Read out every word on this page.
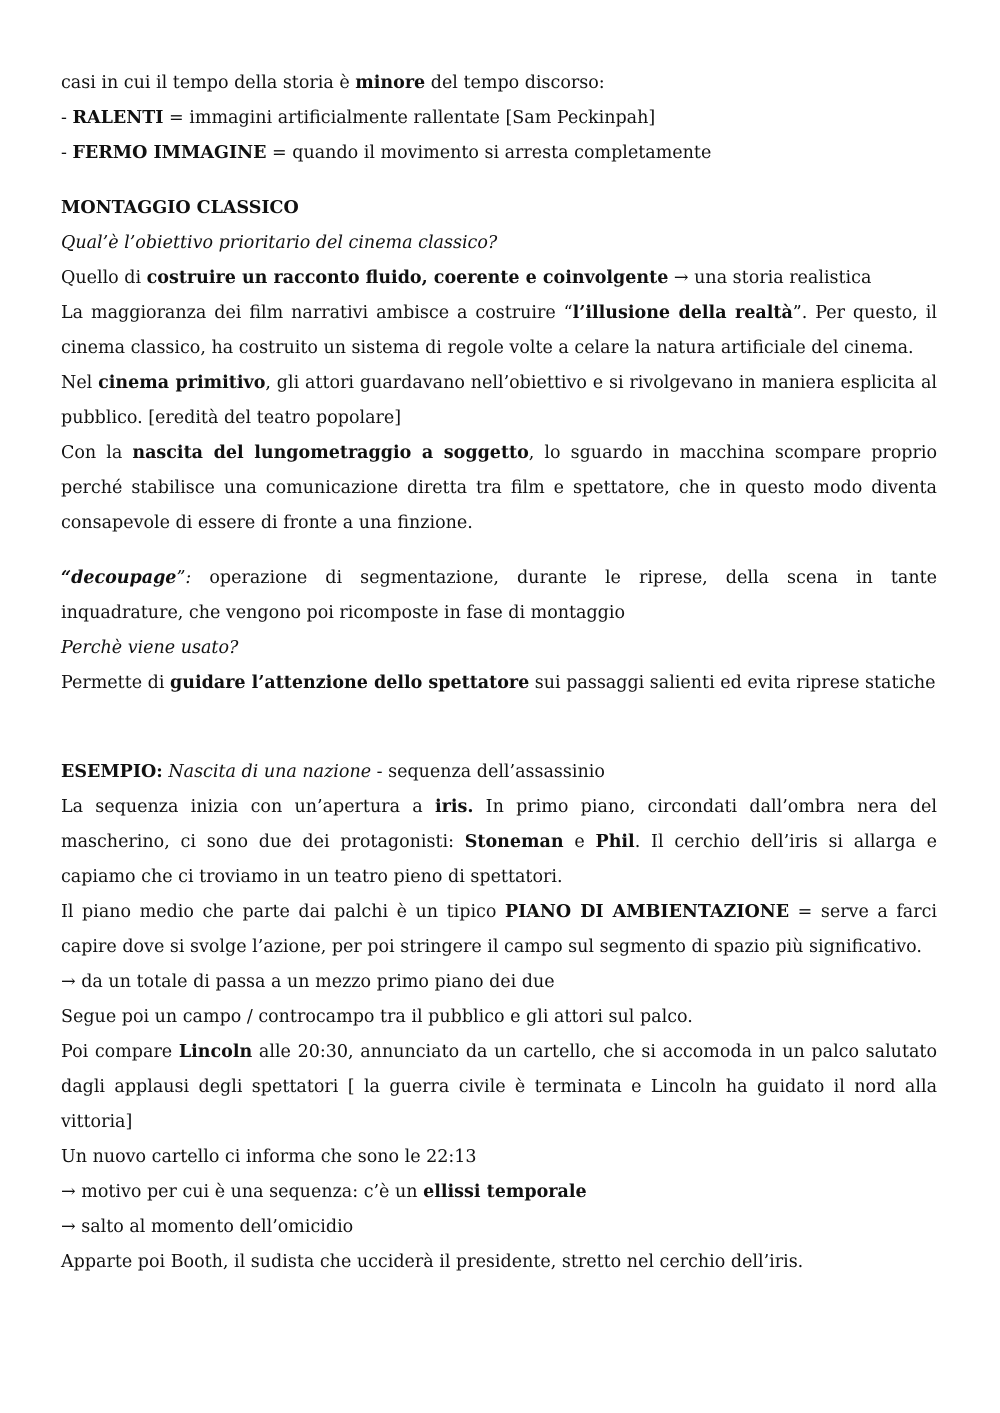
casi in cui il tempo della storia è minore del tempo discorso:
- RALENTI = immagini artificialmente rallentate [Sam Peckinpah]
- FERMO IMMAGINE = quando il movimento si arresta completamente
MONTAGGIO CLASSICO
Qual’è l’obiettivo prioritario del cinema classico?
Quello di costruire un racconto fluido, coerente e coinvolgente → una storia realistica
La maggioranza dei film narrativi ambisce a costruire “l’illusione della realtà”. Per questo, il cinema classico, ha costruito un sistema di regole volte a celare la natura artificiale del cinema.
Nel cinema primitivo, gli attori guardavano nell’obiettivo e si rivolgevano in maniera esplicita al pubblico. [eredità del teatro popolare]
Con la nascita del lungometraggio a soggetto, lo sguardo in macchina scompare proprio perché stabilisce una comunicazione diretta tra film e spettatore, che in questo modo diventa consapevole di essere di fronte a una finzione.
“decoupage”: operazione di segmentazione, durante le riprese, della scena in tante inquadrature, che vengono poi ricomposte in fase di montaggio
Perchè viene usato?
Permette di guidare l’attenzione dello spettatore sui passaggi salienti ed evita riprese statiche
ESEMPIO: Nascita di una nazione - sequenza dell’assassinio
La sequenza inizia con un’apertura a iris. In primo piano, circondati dall’ombra nera del mascherino, ci sono due dei protagonisti: Stoneman e Phil. Il cerchio dell’iris si allarga e capiamo che ci troviamo in un teatro pieno di spettatori.
Il piano medio che parte dai palchi è un tipico PIANO DI AMBIENTAZIONE = serve a farci capire dove si svolge l’azione, per poi stringere il campo sul segmento di spazio più significativo.
→ da un totale di passa a un mezzo primo piano dei due
Segue poi un campo / controcampo tra il pubblico e gli attori sul palco.
Poi compare Lincoln alle 20:30, annunciato da un cartello, che si accomoda in un palco salutato dagli applausi degli spettatori [ la guerra civile è terminata e Lincoln ha guidato il nord alla vittoria]
Un nuovo cartello ci informa che sono le 22:13
→ motivo per cui è una sequenza: c’è un ellissi temporale
→ salto al momento dell’omicidio
Apparte poi Booth, il sudista che ucciderà il presidente, stretto nel cerchio dell’iris.
